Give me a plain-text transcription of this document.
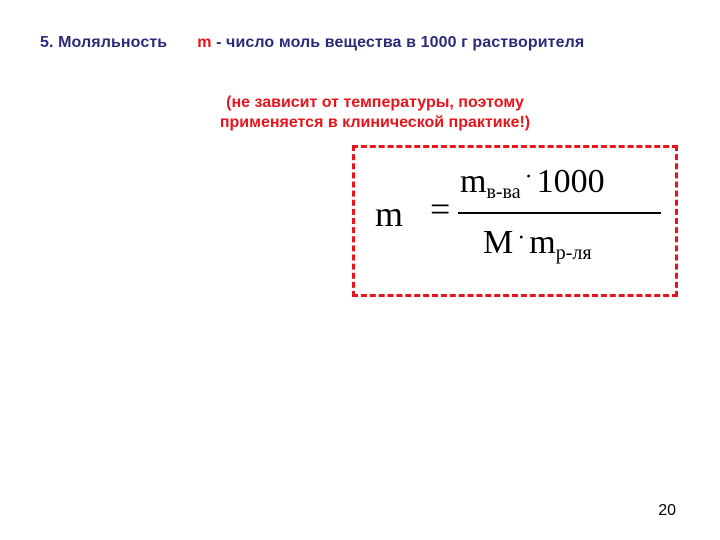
5. Моляльность m - число моль вещества в 1000 г растворителя
(не зависит от температуры, поэтому
применяется в клинической практике!)
m =
mв-ва· 1000
M · mр-ля
20
